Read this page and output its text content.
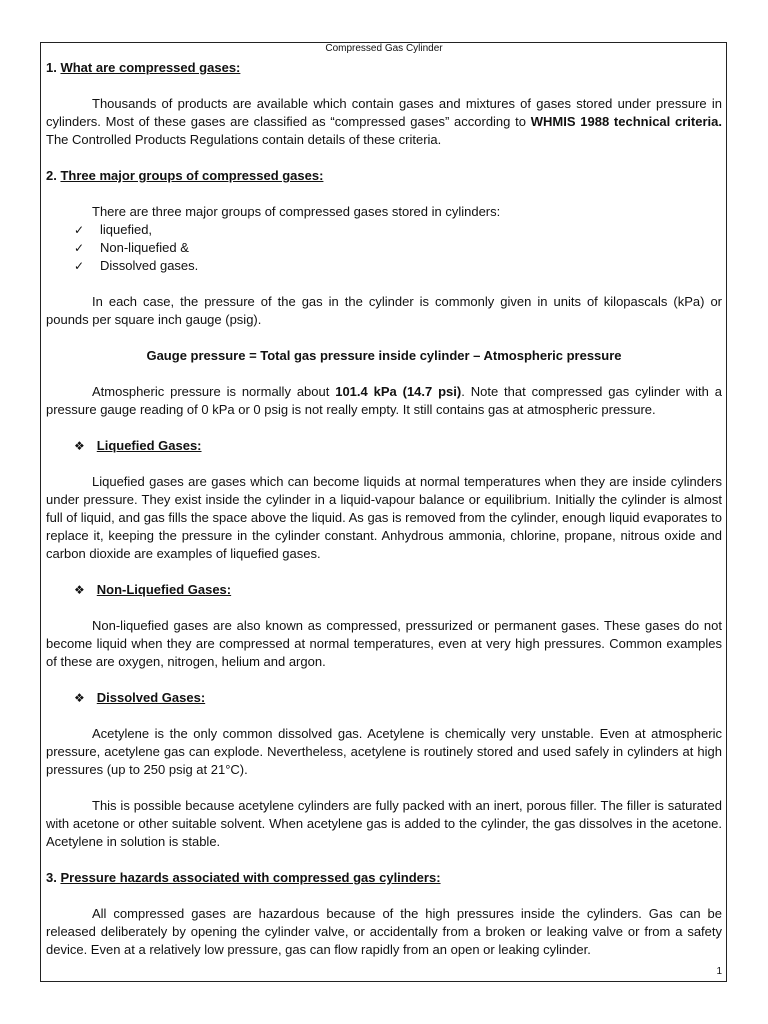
Compressed Gas Cylinder

1. What are compressed gases:

Thousands of products are available which contain gases and mixtures of gases stored under pressure in cylinders. Most of these gases are classified as “compressed gases” according to WHMIS 1988 technical criteria. The Controlled Products Regulations contain details of these criteria.

2. Three major groups of compressed gases:

There are three major groups of compressed gases stored in cylinders:

✓ liquefied,
✓ Non-liquefied &
✓ Dissolved gases.

In each case, the pressure of the gas in the cylinder is commonly given in units of kilopascals (kPa) or pounds per square inch gauge (psig).

Gauge pressure = Total gas pressure inside cylinder – Atmospheric pressure

Atmospheric pressure is normally about 101.4 kPa (14.7 psi). Note that compressed gas cylinder with a pressure gauge reading of 0 kPa or 0 psig is not really empty. It still contains gas at atmospheric pressure.

❖ Liquefied Gases:

Liquefied gases are gases which can become liquids at normal temperatures when they are inside cylinders under pressure. They exist inside the cylinder in a liquid-vapour balance or equilibrium. Initially the cylinder is almost full of liquid, and gas fills the space above the liquid. As gas is removed from the cylinder, enough liquid evaporates to replace it, keeping the pressure in the cylinder constant. Anhydrous ammonia, chlorine, propane, nitrous oxide and carbon dioxide are examples of liquefied gases.

❖ Non-Liquefied Gases:

Non-liquefied gases are also known as compressed, pressurized or permanent gases. These gases do not become liquid when they are compressed at normal temperatures, even at very high pressures. Common examples of these are oxygen, nitrogen, helium and argon.

❖ Dissolved Gases:

Acetylene is the only common dissolved gas. Acetylene is chemically very unstable. Even at atmospheric pressure, acetylene gas can explode. Nevertheless, acetylene is routinely stored and used safely in cylinders at high pressures (up to 250 psig at 21°C).

This is possible because acetylene cylinders are fully packed with an inert, porous filler. The filler is saturated with acetone or other suitable solvent. When acetylene gas is added to the cylinder, the gas dissolves in the acetone. Acetylene in solution is stable.

3. Pressure hazards associated with compressed gas cylinders:

All compressed gases are hazardous because of the high pressures inside the cylinders. Gas can be released deliberately by opening the cylinder valve, or accidentally from a broken or leaking valve or from a safety device. Even at a relatively low pressure, gas can flow rapidly from an open or leaking cylinder.

1
